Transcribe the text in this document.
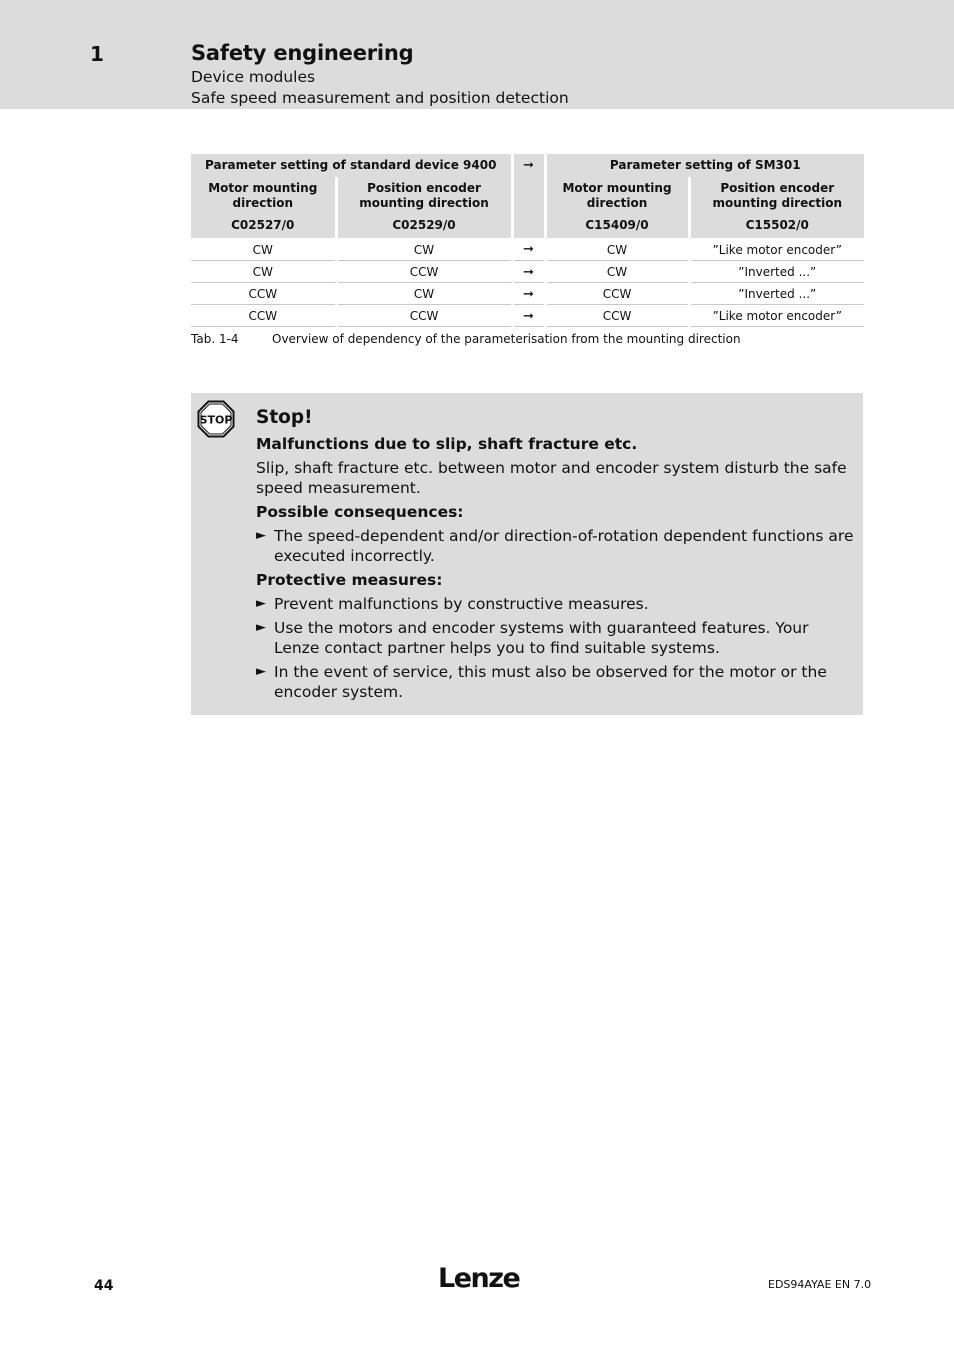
1	Safety engineering
Device modules
Safe speed measurement and position detection
Parameter setting of standard device 9400		➞	Parameter setting of SM301	
Motor mounting direction	Position encoder mounting direction		Motor mounting direction	Position encoder mounting direction
C02527/0	C02529/0		C15409/0	C15502/0
CW	CW	➞	CW	”Like motor encoder”
CW	CCW	➞	CW	”Inverted ...”
CCW	CW	➞	CCW	”Inverted ...”
CCW	CCW	➞	CCW	”Like motor encoder”
Tab. 1-4	Overview of dependency of the parameterisation from the mounting direction
STOP Stop!
Malfunctions due to slip, shaft fracture etc.
Slip, shaft fracture etc. between motor and encoder system disturb the safe speed measurement.
Possible consequences:
► The speed-dependent and/or direction-of-rotation dependent functions are executed incorrectly.
Protective measures:
► Prevent malfunctions by constructive measures.
► Use the motors and encoder systems with guaranteed features. Your Lenze contact partner helps you to find suitable systems.
► In the event of service, this must also be observed for the motor or the encoder system.
44	Lenze	EDS94AYAE EN 7.0
